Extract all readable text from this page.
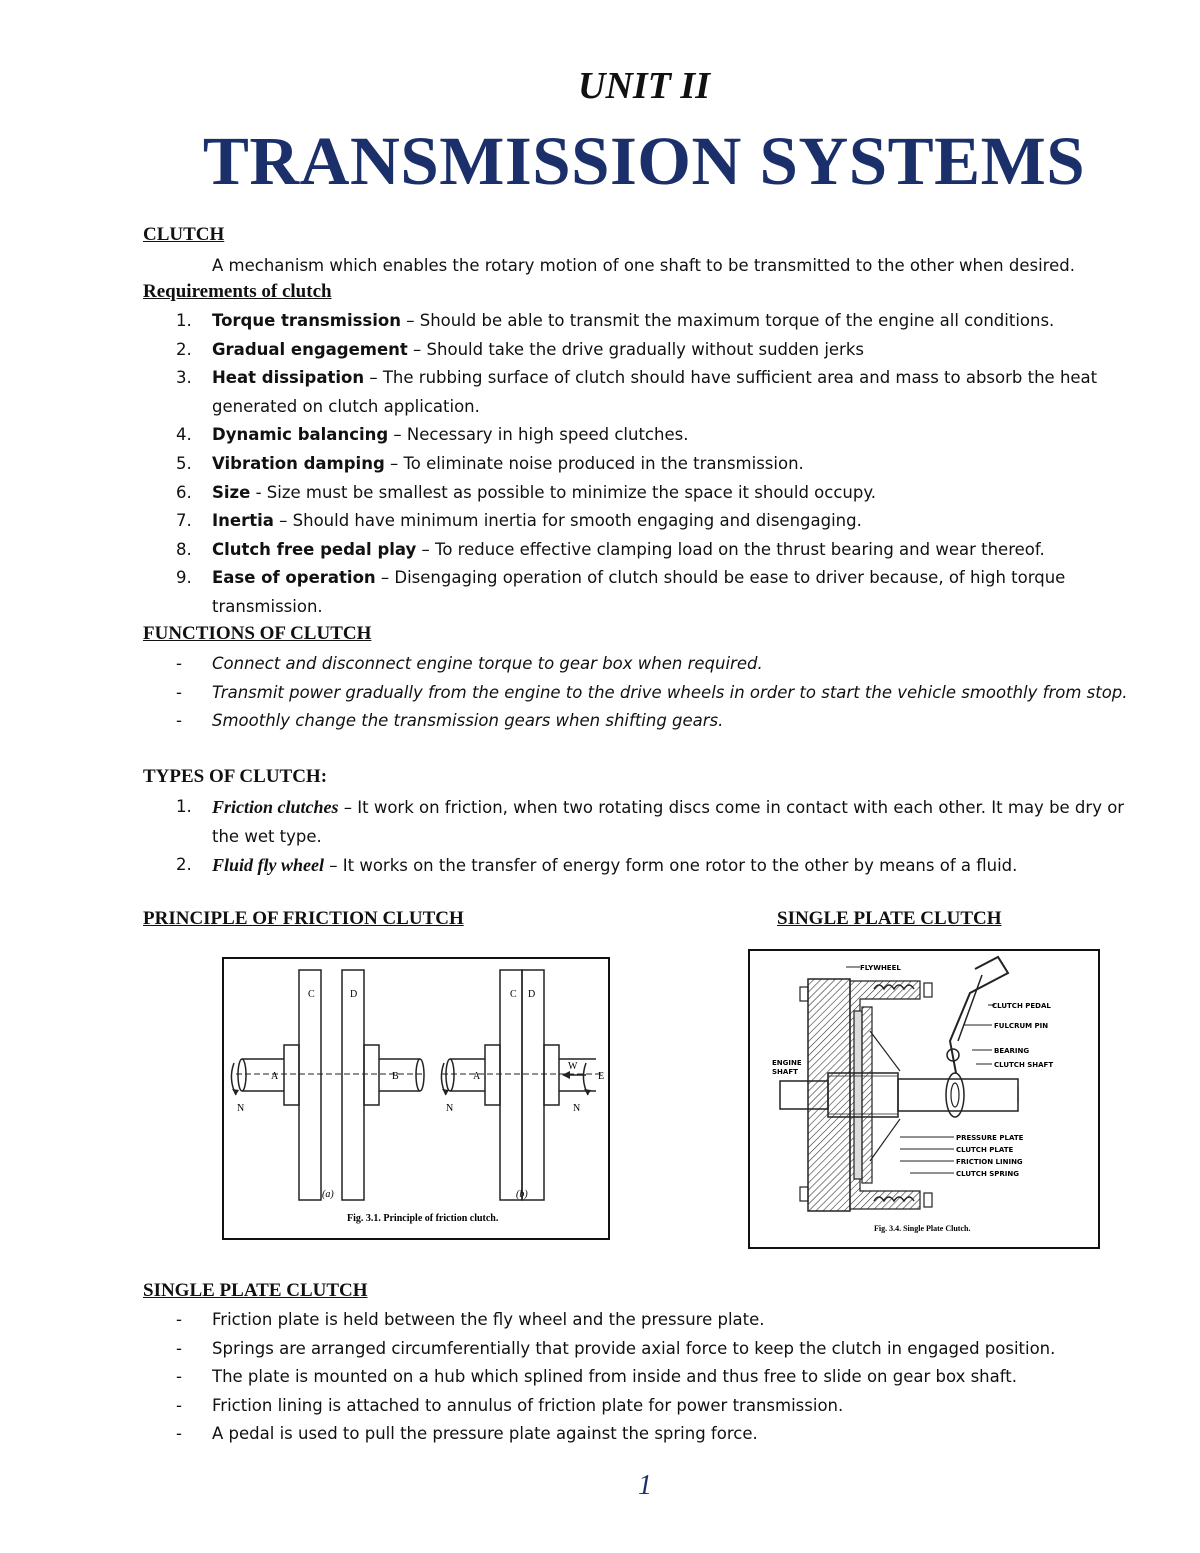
UNIT II
TRANSMISSION SYSTEMS
CLUTCH
A mechanism which enables the rotary motion of one shaft to be transmitted to the other when desired.
Requirements of clutch
1.	Torque transmission – Should be able to transmit the maximum torque of the engine all conditions.
2.	Gradual engagement – Should take the drive gradually without sudden jerks
3.	Heat dissipation – The rubbing surface of clutch should have sufficient area and mass to absorb the heat generated on clutch application.
4.	Dynamic balancing – Necessary in high speed clutches.
5.	Vibration damping – To eliminate noise produced in the transmission.
6.	Size - Size must be smallest as possible to minimize the space it should occupy.
7.	Inertia – Should have minimum inertia for smooth engaging and disengaging.
8.	Clutch free pedal play – To reduce effective clamping load on the thrust bearing and wear thereof.
9.	Ease of operation – Disengaging operation of clutch should be ease to driver because, of high torque transmission.
FUNCTIONS OF CLUTCH
- Connect and disconnect engine torque to gear box when required.
- Transmit power gradually from the engine to the drive wheels in order to start the vehicle smoothly from stop.
- Smoothly change the transmission gears when shifting gears.
TYPES OF CLUTCH:
1.	Friction clutches – It work on friction, when two rotating discs come in contact with each other. It may be dry or the wet type.
2.	Fluid fly wheel – It works on the transfer of energy form one rotor to the other by means of a fluid.
PRINCIPLE OF FRICTION CLUTCH	SINGLE PLATE CLUTCH
C	D
A	B
N
(a)
C D
A
W
E
N	N
(b)
Fig. 3.1. Principle of friction clutch.
FLYWHEEL
CLUTCH PEDAL
FULCRUM PIN
BEARING
CLUTCH SHAFT
ENGINE
SHAFT
PRESSURE PLATE
CLUTCH PLATE
FRICTION LINING
CLUTCH SPRING
Fig. 3.4. Single Plate Clutch.
SINGLE PLATE CLUTCH
- Friction plate is held between the fly wheel and the pressure plate.
- Springs are arranged circumferentially that provide axial force to keep the clutch in engaged position.
- The plate is mounted on a hub which splined from inside and thus free to slide on gear box shaft.
- Friction lining is attached to annulus of friction plate for power transmission.
- A pedal is used to pull the pressure plate against the spring force.
1
